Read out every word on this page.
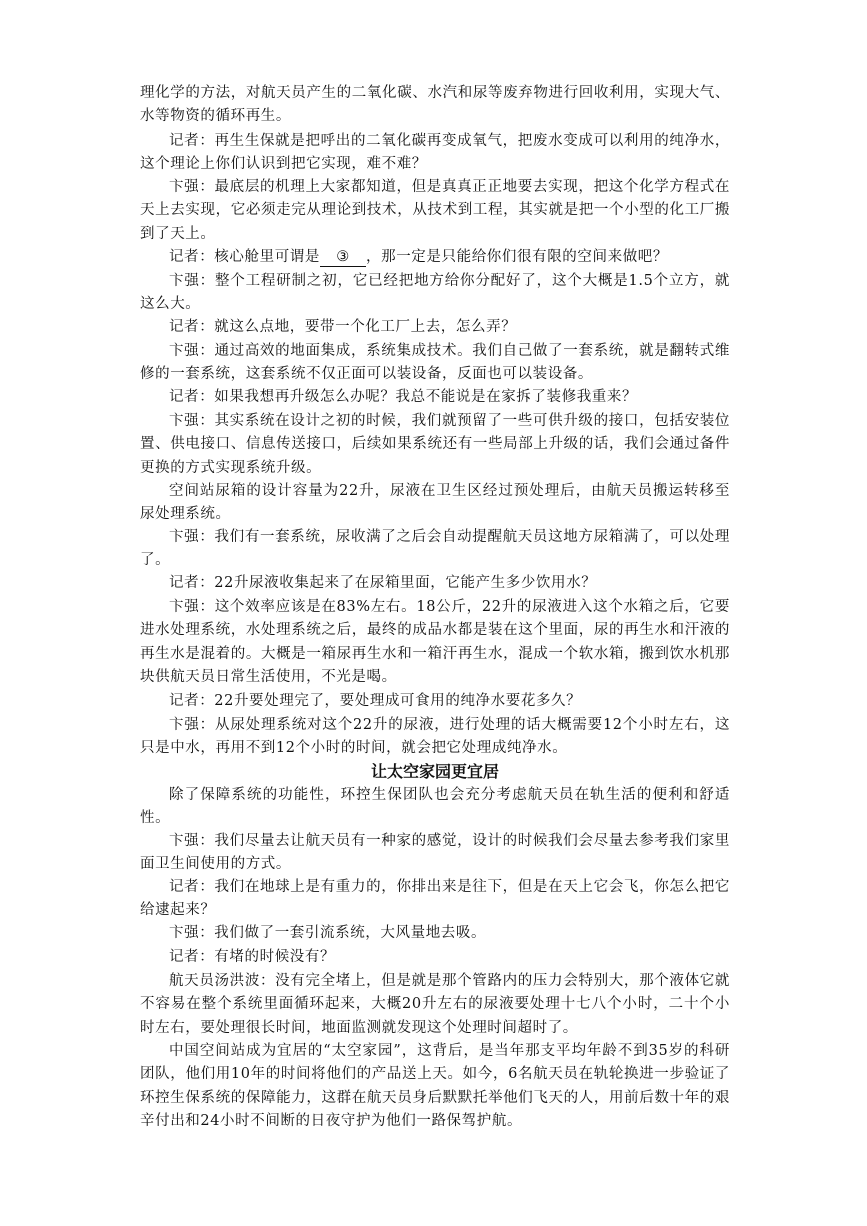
理化学的方法，对航天员产生的二氧化碳、水汽和尿等废弃物进行回收利用，实现大气、水等物资的循环再生。

记者：再生生保就是把呼出的二氧化碳再变成氧气，把废水变成可以利用的纯净水，这个理论上你们认识到把它实现，难不难？

卞强：最底层的机理上大家都知道，但是真真正正地要去实现，把这个化学方程式在天上去实现，它必须走完从理论到技术，从技术到工程，其实就是把一个小型的化工厂搬到了天上。

记者：核心舱里可谓是 ③ ，那一定是只能给你们很有限的空间来做吧？

卞强：整个工程研制之初，它已经把地方给你分配好了，这个大概是1.5个立方，就这么大。

记者：就这么点地，要带一个化工厂上去，怎么弄？

卞强：通过高效的地面集成，系统集成技术。我们自己做了一套系统，就是翻转式维修的一套系统，这套系统不仅正面可以装设备，反面也可以装设备。

记者：如果我想再升级怎么办呢？我总不能说是在家拆了装修我重来？

卞强：其实系统在设计之初的时候，我们就预留了一些可供升级的接口，包括安装位置、供电接口、信息传送接口，后续如果系统还有一些局部上升级的话，我们会通过备件更换的方式实现系统升级。

空间站尿箱的设计容量为22升，尿液在卫生区经过预处理后，由航天员搬运转移至尿处理系统。

卞强：我们有一套系统，尿收满了之后会自动提醒航天员这地方尿箱满了，可以处理了。

记者：22升尿液收集起来了在尿箱里面，它能产生多少饮用水？

卞强：这个效率应该是在83%左右。18公斤，22升的尿液进入这个水箱之后，它要进水处理系统，水处理系统之后，最终的成品水都是装在这个里面，尿的再生水和汗液的再生水是混着的。大概是一箱尿再生水和一箱汗再生水，混成一个软水箱，搬到饮水机那块供航天员日常生活使用，不光是喝。

记者：22升要处理完了，要处理成可食用的纯净水要花多久？

卞强：从尿处理系统对这个22升的尿液，进行处理的话大概需要12个小时左右，这只是中水，再用不到12个小时的时间，就会把它处理成纯净水。

让太空家园更宜居

除了保障系统的功能性，环控生保团队也会充分考虑航天员在轨生活的便利和舒适性。

卞强：我们尽量去让航天员有一种家的感觉，设计的时候我们会尽量去参考我们家里面卫生间使用的方式。

记者：我们在地球上是有重力的，你排出来是往下，但是在天上它会飞，你怎么把它给逮起来？

卞强：我们做了一套引流系统，大风量地去吸。

记者：有堵的时候没有？

航天员汤洪波：没有完全堵上，但是就是那个管路内的压力会特别大，那个液体它就不容易在整个系统里面循环起来，大概20升左右的尿液要处理十七八个小时，二十个小时左右，要处理很长时间，地面监测就发现这个处理时间超时了。

中国空间站成为宜居的“太空家园”，这背后，是当年那支平均年龄不到35岁的科研团队，他们用10年的时间将他们的产品送上天。如今，6名航天员在轨轮换进一步验证了环控生保系统的保障能力，这群在航天员身后默默托举他们飞天的人，用前后数十年的艰辛付出和24小时不间断的日夜守护为他们一路保驾护航。
